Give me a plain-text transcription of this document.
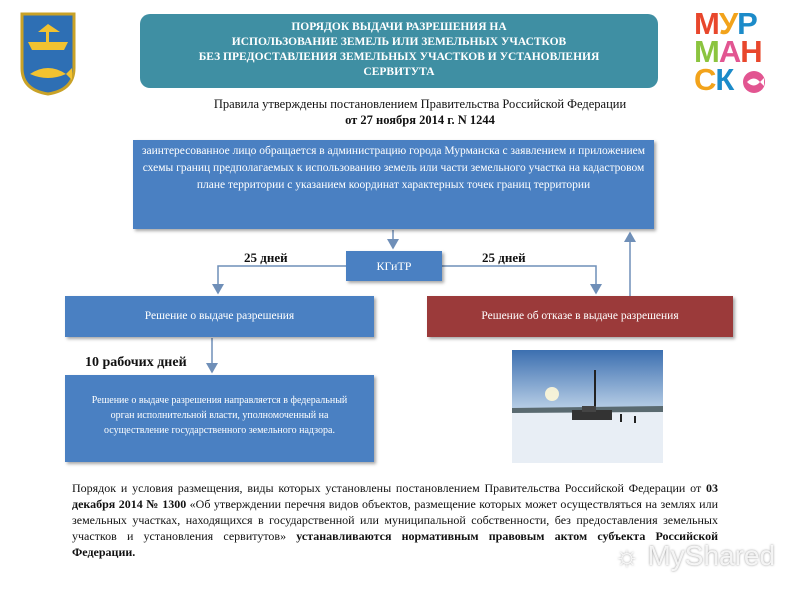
МУР
МАН
СК
ПОРЯДОК ВЫДАЧИ РАЗРЕШЕНИЯ НА
ИСПОЛЬЗОВАНИЕ ЗЕМЕЛЬ ИЛИ ЗЕМЕЛЬНЫХ УЧАСТКОВ
БЕЗ ПРЕДОСТАВЛЕНИЯ ЗЕМЕЛЬНЫХ УЧАСТКОВ И УСТАНОВЛЕНИЯ
СЕРВИТУТА
Правила утверждены постановлением Правительства Российской Федерации
от 27 ноября 2014 г. N 1244
заинтересованное лицо обращается в администрацию города Мурманска с заявлением и приложением схемы границ предполагаемых к использованию земель или части земельного участка на кадастровом плане территории с указанием координат характерных точек границ территории
КГиТР
25 дней	25 дней
Решение о выдаче разрешения	Решение об отказе в выдаче разрешения
10 рабочих дней
Решение о выдаче разрешения направляется в федеральный орган исполнительной власти, уполномоченный на осуществление государственного земельного надзора.
Порядок и условия размещения, виды которых установлены постановлением Правительства Российской Федерации от 03 декабря 2014 № 1300 «Об утверждении перечня видов объектов, размещение которых может осуществляться на землях или земельных участках, находящихся в государственной или муниципальной собственности, без предоставления земельных участков и установления сервитутов» устанавливаются нормативным правовым актом субъекта Российской Федерации.	☼ MyShared
